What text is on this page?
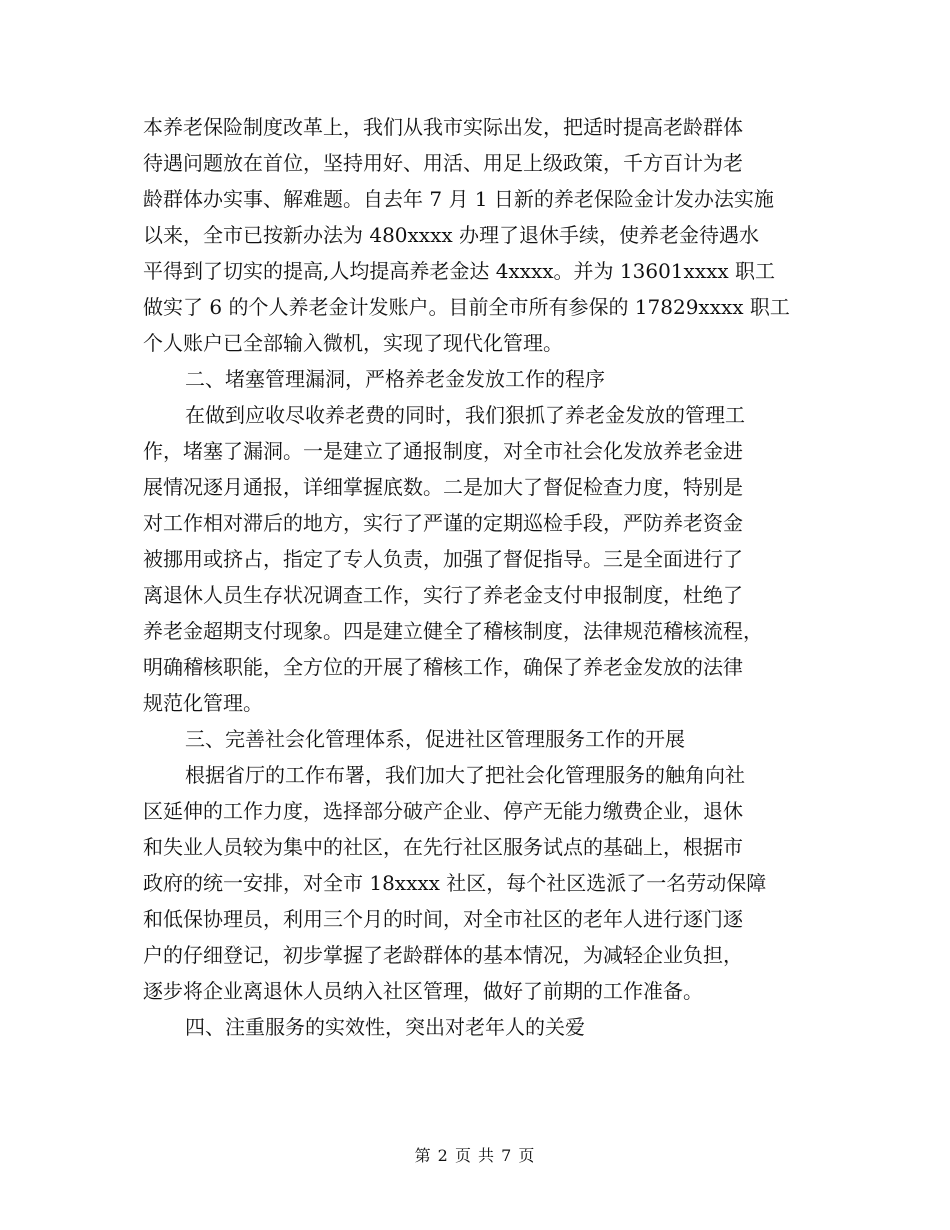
本养老保险制度改革上，我们从我市实际出发，把适时提高老龄群体
待遇问题放在首位，坚持用好、用活、用足上级政策，千方百计为老
龄群体办实事、解难题。自去年 7 月 1 日新的养老保险金计发办法实施
以来，全市已按新办法为 480xxxx 办理了退休手续，使养老金待遇水
平得到了切实的提高,人均提高养老金达 4xxxx。并为 13601xxxx 职工
做实了 6 的个人养老金计发账户。目前全市所有参保的 17829xxxx 职工
个人账户已全部输入微机，实现了现代化管理。
二、堵塞管理漏洞，严格养老金发放工作的程序
在做到应收尽收养老费的同时，我们狠抓了养老金发放的管理工
作，堵塞了漏洞。一是建立了通报制度，对全市社会化发放养老金进
展情况逐月通报，详细掌握底数。二是加大了督促检查力度，特别是
对工作相对滞后的地方，实行了严谨的定期巡检手段，严防养老资金
被挪用或挤占，指定了专人负责，加强了督促指导。三是全面进行了
离退休人员生存状况调查工作，实行了养老金支付申报制度，杜绝了
养老金超期支付现象。四是建立健全了稽核制度，法律规范稽核流程，
明确稽核职能，全方位的开展了稽核工作，确保了养老金发放的法律
规范化管理。
三、完善社会化管理体系，促进社区管理服务工作的开展
根据省厅的工作布署，我们加大了把社会化管理服务的触角向社
区延伸的工作力度，选择部分破产企业、停产无能力缴费企业，退休
和失业人员较为集中的社区，在先行社区服务试点的基础上，根据市
政府的统一安排，对全市 18xxxx 社区，每个社区选派了一名劳动保障
和低保协理员，利用三个月的时间，对全市社区的老年人进行逐门逐
户的仔细登记，初步掌握了老龄群体的基本情况，为减轻企业负担，
逐步将企业离退休人员纳入社区管理，做好了前期的工作准备。
四、注重服务的实效性，突出对老年人的关爱
第 2 页 共 7 页
